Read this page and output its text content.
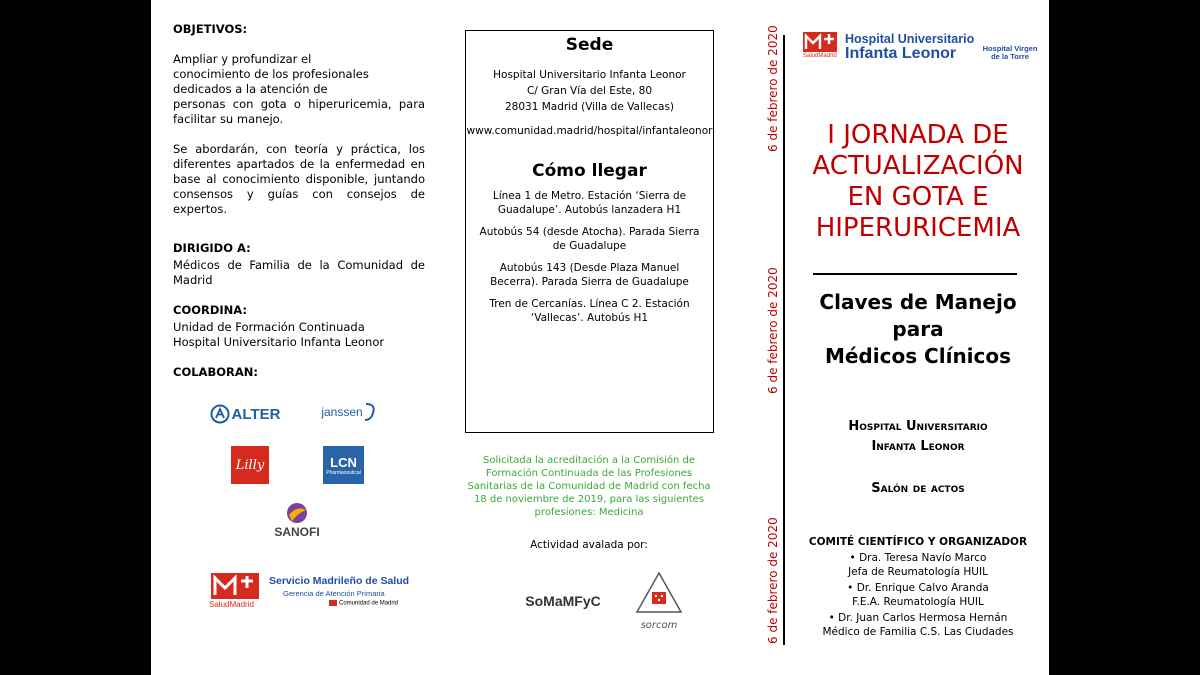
OBJETIVOS:
Ampliar y profundizar el
conocimiento de los profesionales
dedicados a la atención de

personas con gota o hiperuricemia, para facilitar su manejo.

Se abordarán, con teoría y práctica, los diferentes apartados de la enfermedad en base al conocimiento disponible, juntando consensos y guías con consejos de expertos.

DIRIGIDO A:

Médicos de Familia de la Comunidad de Madrid

COORDINA:
Unidad de Formación Continuada
Hospital Universitario Infanta Leonor
COLABORAN:
ALTER	janssen
Lilly	LCN
Pharmaceutical
SANOFI
SaludMadrid
Servicio Madrileño de Salud
Gerencia de Atención Primaria
Comunidad de Madrid
Sede

Hospital Universitario Infanta Leonor

C/ Gran Vía del Este, 80

28031 Madrid (Villa de Vallecas)

www.comunidad.madrid/hospital/infantaleonor

Cómo llegar

Línea 1 de Metro. Estación ‘Sierra de Guadalupe’. Autobús lanzadera H1

Autobús 54 (desde Atocha). Parada Sierra de Guadalupe

Autobús 143 (Desde Plaza Manuel Becerra). Parada Sierra de Guadalupe

Tren de Cercanías. Línea C 2. Estación ‘Vallecas’. Autobús H1

Solicitada la acreditación a la Comisión de Formación Continuada de las Profesiones Sanitarias de la Comunidad de Madrid con fecha 18 de noviembre de 2019, para las siguientes profesiones: Medicina
Actividad avalada por:
SoMaMFyC
sorcom
6 de febrero de 2020
6 de febrero de 2020
6 de febrero de 2020
SaludMadrid
Hospital Universitario
Infanta Leonor	Hospital Virgen de la Torre
I JORNADA DE
ACTUALIZACIÓN
EN GOTA E
HIPERURICEMIA
Claves de Manejo
para
Médicos Clínicos
Hospital Universitario
Infanta Leonor
Salón de actos
COMITÉ CIENTÍFICO Y ORGANIZADOR
• Dra. Teresa Navío Marco
Jefa de Reumatología HUIL
• Dr. Enrique Calvo Aranda
F.E.A. Reumatología HUIL
• Dr. Juan Carlos Hermosa Hernán
Médico de Familia C.S. Las Ciudades
